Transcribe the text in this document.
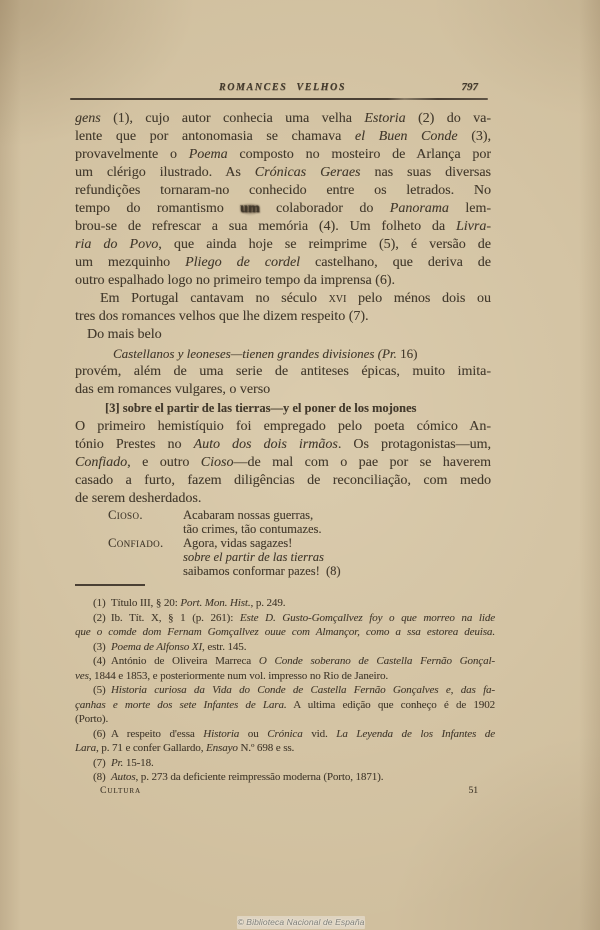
ROMANCES VELHOS	797
gens (1), cujo autor conhecia uma velha Estoria (2) do va-
lente que por antonomasia se chamava el Buen Conde (3),
provavelmente o Poema composto no mosteiro de Arlança por
um clérigo ilustrado. As Crónicas Geraes nas suas diversas
refundições tornaram-no conhecido entre os letrados. No
tempo do romantismo um colaborador do Panorama lem-
brou-se de refrescar a sua memória (4). Um folheto da Livra-
ria do Povo, que ainda hoje se reimprime (5), é versão de
um mezquinho Pliego de cordel castelhano, que deriva de
outro espalhado logo no primeiro tempo da imprensa (6).
Em Portugal cantavam no século xvi pelo ménos dois ou
tres dos romances velhos que lhe dizem respeito (7).
Do mais belo
Castellanos y leoneses—tienen grandes divisiones (Pr. 16)
provém, além de uma serie de antiteses épicas, muito imita-
das em romances vulgares, o verso
[3] sobre el partir de las tierras—y el poner de los mojones
O primeiro hemistíquio foi empregado pelo poeta cómico An-
tónio Prestes no Auto dos dois irmãos. Os protagonistas—um,
Confiado, e outro Cioso—de mal com o pae por se haverem
casado a furto, fazem diligências de reconciliação, com medo
de serem desherdados.
Cioso.	Acabaram nossas guerras,
tão crimes, tão contumazes.
Confiado. Agora, vidas sagazes!
sobre el partir de las tierras
saibamos conformar pazes! (8)
(1) Título III, § 20: Port. Mon. Hist., p. 249.
(2) Ib. Tít. X, § 1 (p. 261): Este D. Gusto-Gomçallvez foy o que morreo na lide
que o comde dom Fernam Gomçallvez ouue com Almançor, como a ssa estorea deuisa.
(3) Poema de Alfonso XI, estr. 145.
(4) António de Oliveira Marreca O Conde soberano de Castella Fernão Gonçal-
ves, 1844 e 1853, e posteriormente num vol. impresso no Rio de Janeiro.
(5) Historia curiosa da Vida do Conde de Castella Fernão Gonçalves e, das fa-
çanhas e morte dos sete Infantes de Lara. A ultima edição que conheço é de 1902
(Porto).
(6) A respeito d'essa Historia ou Crónica vid. La Leyenda de los Infantes de
Lara, p. 71 e confer Gallardo, Ensayo N.º 698 e ss.
(7) Pr. 15-18.
(8) Autos, p. 273 da deficiente reimpressão moderna (Porto, 1871).
Cultura	51
© Biblioteca Nacional de España
